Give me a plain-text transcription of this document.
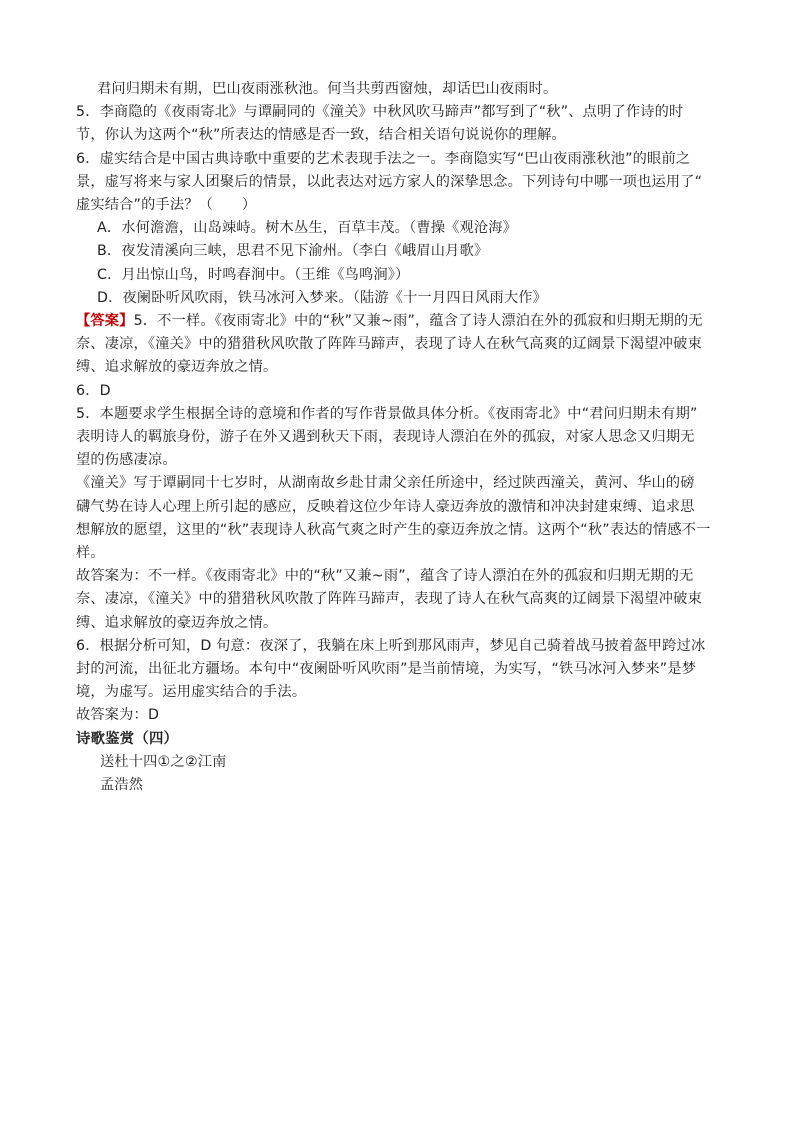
君问归期未有期，巴山夜雨涨秋池。何当共剪西窗烛，却话巴山夜雨时。
5．李商隐的《夜雨寄北》与谭嗣同的《潼关》中秋风吹马蹄声”都写到了“秋”、点明了作诗的时
节，你认为这两个“秋”所表达的情感是否一致，结合相关语句说说你的理解。
6．虚实结合是中国古典诗歌中重要的艺术表现手法之一。李商隐实写“巴山夜雨涨秋池”的眼前之
景，虚写将来与家人团聚后的情景，以此表达对远方家人的深挚思念。下列诗句中哪一项也运用了“
虚实结合”的手法？（　　）
A．水何澹澹，山岛竦峙。树木丛生，百草丰茂。（曹操《观沧海》
B．夜发清溪向三峡，思君不见下渝州。（李白《峨眉山月歌》
C．月出惊山鸟，时鸣春涧中。（王维《鸟鸣涧》）
D．夜阑卧听风吹雨，铁马冰河入梦来。（陆游《十一月四日风雨大作》
【答案】5．不一样。《夜雨寄北》中的“秋”又兼~雨”，蕴含了诗人漂泊在外的孤寂和归期无期的无
奈、凄凉，《潼关》中的猎猎秋风吹散了阵阵马蹄声，表现了诗人在秋气高爽的辽阔景下渴望冲破束
缚、追求解放的豪迈奔放之情。
6．D
5．本题要求学生根据全诗的意境和作者的写作背景做具体分析。《夜雨寄北》中“君问归期未有期”
表明诗人的羁旅身份，游子在外又遇到秋天下雨，表现诗人漂泊在外的孤寂，对家人思念又归期无
望的伤感凄凉。
《潼关》写于谭嗣同十七岁时，从湖南故乡赴甘肃父亲任所途中，经过陕西潼关，黄河、华山的磅
礴气势在诗人心理上所引起的感应，反映着这位少年诗人豪迈奔放的激情和冲决封建束缚、追求思
想解放的愿望，这里的“秋”表现诗人秋高气爽之时产生的豪迈奔放之情。这两个“秋”表达的情感不一
样。
故答案为：不一样。《夜雨寄北》中的“秋”又兼~雨”，蕴含了诗人漂泊在外的孤寂和归期无期的无
奈、凄凉，《潼关》中的猎猎秋风吹散了阵阵马蹄声，表现了诗人在秋气高爽的辽阔景下渴望冲破束
缚、追求解放的豪迈奔放之情。
6．根据分析可知，D 句意：夜深了，我躺在床上听到那风雨声，梦见自己骑着战马披着盔甲跨过冰
封的河流，出征北方疆场。本句中“夜阑卧听风吹雨”是当前情境，为实写，“铁马冰河入梦来”是梦
境，为虚写。运用虚实结合的手法。
故答案为：D
诗歌鉴赏（四）
送杜十四①之②江南
孟浩然
